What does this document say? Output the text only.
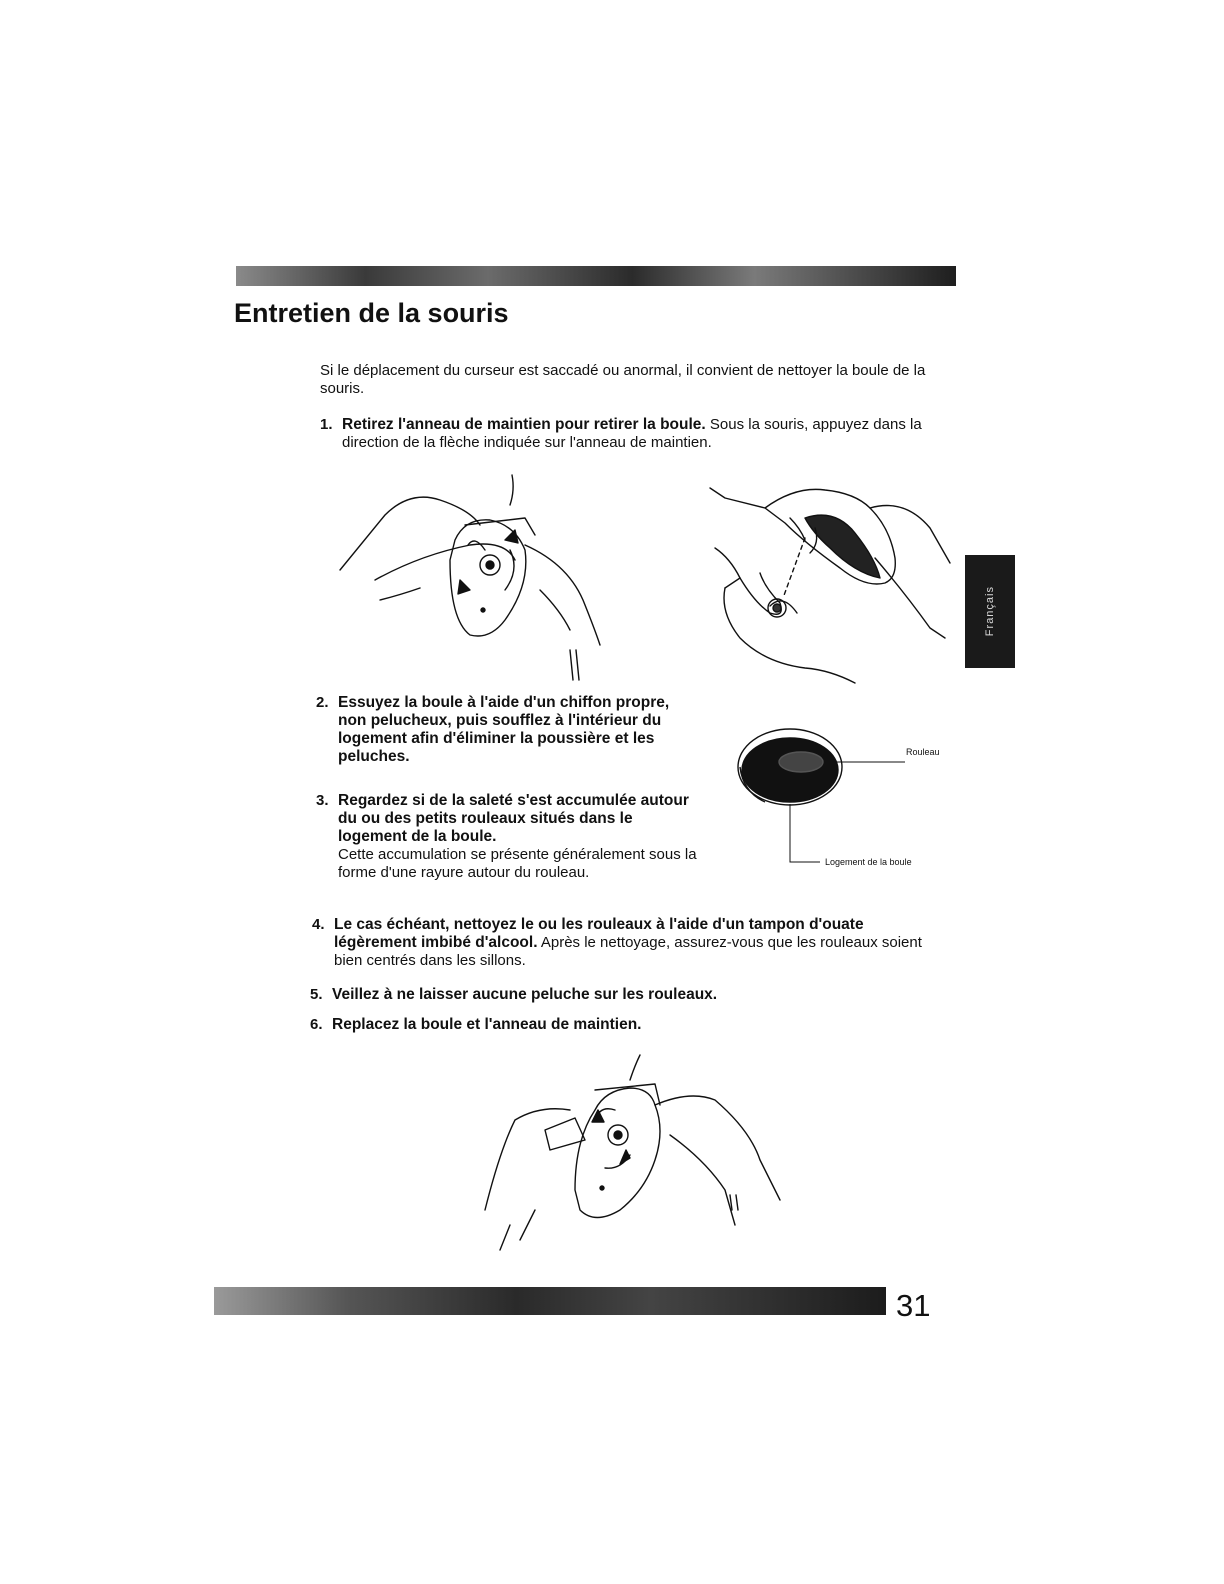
Français
Entretien de la souris

Si le déplacement du curseur est saccadé ou anormal, il convient de nettoyer la boule de la souris.

1. Retirez l'anneau de maintien pour retirer la boule. Sous la souris, appuyez dans la direction de la flèche indiquée sur l'anneau de maintien.

2. Essuyez la boule à l'aide d'un chiffon propre, non pelucheux, puis soufflez à l'intérieur du logement afin d'éliminer la poussière et les peluches.

3. Regardez si de la saleté s'est accumulée autour du ou des petits rouleaux situés dans le logement de la boule.
Cette accumulation se présente généralement sous la forme d'une rayure autour du rouleau.

Rouleau
Logement de la boule

4. Le cas échéant, nettoyez le ou les rouleaux à l'aide d'un tampon d'ouate légèrement imbibé d'alcool. Après le nettoyage, assurez-vous que les rouleaux soient bien centrés dans les sillons.

5. Veillez à ne laisser aucune peluche sur les rouleaux.

6. Replacez la boule et l'anneau de maintien.

31
